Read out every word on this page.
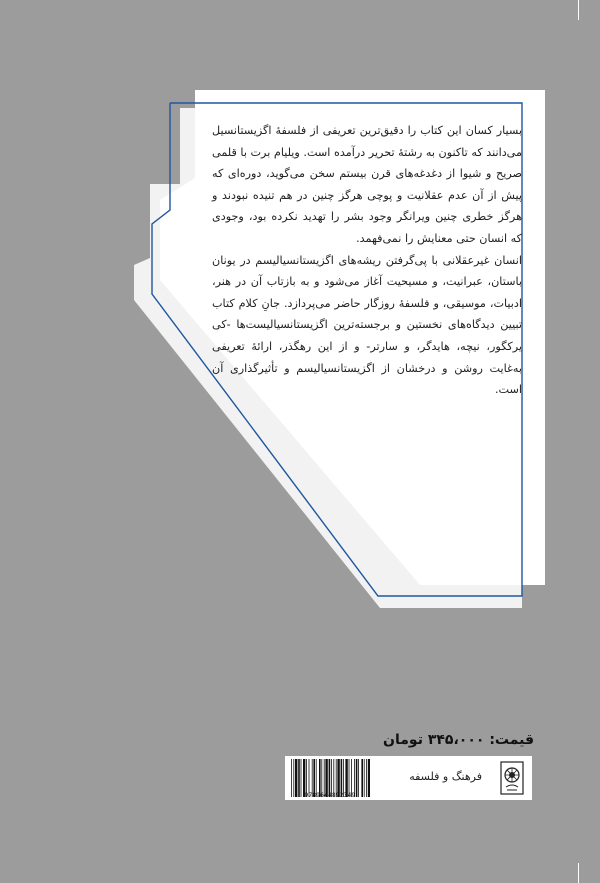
بسیار کسان این کتاب را دقیق‌ترین تعریفی از فلسفهٔ اگزیستانسیل می‌دانند که تاکنون به رشتهٔ تحریر درآمده است. ویلیام برت با قلمی صریح و شیوا از دغدغه‌های قرن بیستم سخن می‌گوید، دوره‌ای که پیش از آن عدم عقلانیت و پوچی هرگز چنین در هم تنیده نبودند و هرگز خطری چنین ویرانگر وجود بشر را تهدید نکرده بود، وجودی که انسان حتی معنایش را نمی‌فهمد.

انسان غیرعقلانی با پی‌گرفتن ریشه‌های اگزیستانسیالیسم در یونان باستان، عبرانیت، و مسیحیت آغاز می‌شود و به بازتاب آن در هنر، ادبیات، موسیقی، و فلسفهٔ روزگار حاضر می‌پردازد. جانِ کلام کتاب تبیین دیدگاه‌های نخستین و برجسته‌ترین اگزیستانسیالیست‌ها -کی یرکگور، نیچه، هایدگر، و سارتر- و از این رهگذر، ارائهٔ تعریفی به‌غایت روشن و درخشان از اگزیستانسیالیسم و تأثیرگذاری آن است.

قیمت: ۳۴۵،۰۰۰ تومان
فرهنگ و فلسفه
9789644892349
